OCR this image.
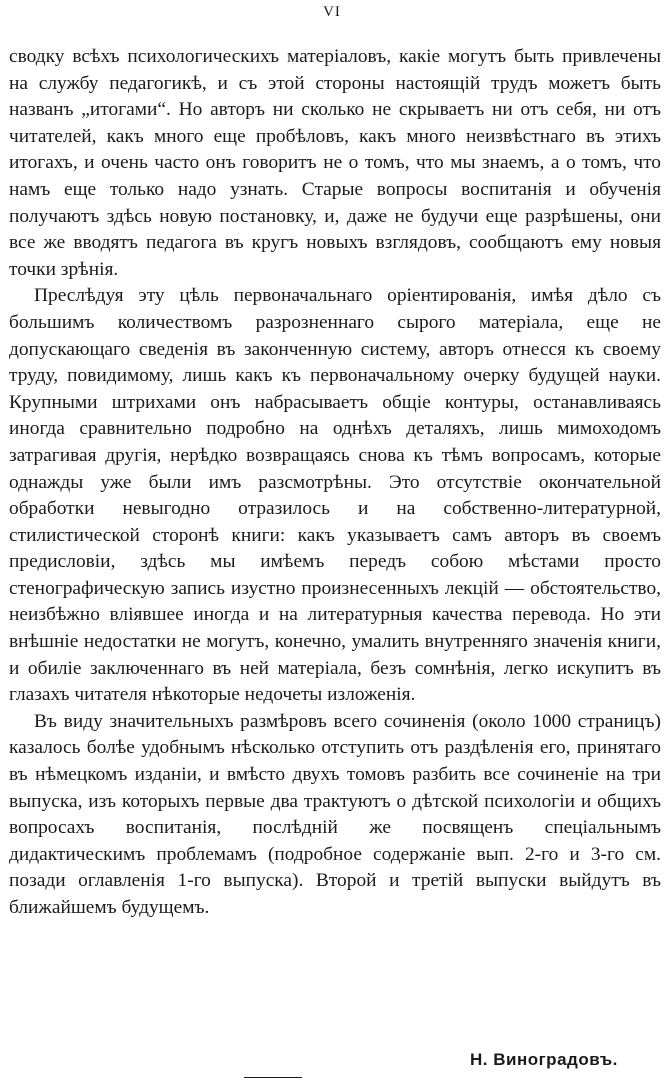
VI

сводку всѣхъ психологическихъ матеріаловъ, какіе могутъ быть привлечены на службу педагогикѣ, и съ этой стороны настоящій трудъ можетъ быть названъ „итогами“. Но авторъ ни сколько не скрываетъ ни отъ себя, ни отъ читателей, какъ много еще пробѣловъ, какъ много неизвѣстнаго въ этихъ итогахъ, и очень часто онъ говоритъ не о томъ, что мы знаемъ, а о томъ, что намъ еще только надо узнать. Старые вопросы воспитанія и обученія получаютъ здѣсь новую постановку, и, даже не будучи еще разрѣшены, они все же вводятъ педагога въ кругъ новыхъ взглядовъ, сообщаютъ ему новыя точки зрѣнія.

Преслѣдуя эту цѣль первоначальнаго оріентированія, имѣя дѣло съ большимъ количествомъ разрозненнаго сырого матеріала, еще не допускающаго сведенія въ законченную систему, авторъ отнесся къ своему труду, повидимому, лишь какъ къ первоначальному очерку будущей науки. Крупными штрихами онъ набрасываетъ общіе контуры, останавливаясь иногда сравнительно подробно на однѣхъ деталяхъ, лишь мимоходомъ затрагивая другія, нерѣдко возвращаясь снова къ тѣмъ вопросамъ, которые однажды уже были имъ разсмотрѣны. Это отсутствіе окончательной обработки невыгодно отразилось и на собственно-литературной, стилистической сторонѣ книги: какъ указываетъ самъ авторъ въ своемъ предисловіи, здѣсь мы имѣемъ передъ собою мѣстами просто стенографическую запись изустно произнесенныхъ лекцій — обстоятельство, неизбѣжно вліявшее иногда и на литературныя качества перевода. Но эти внѣшніе недостатки не могутъ, конечно, умалить внутренняго значенія книги, и обиліе заключеннаго въ ней матеріала, безъ сомнѣнія, легко искупитъ въ глазахъ читателя нѣкоторые недочеты изложенія.

Въ виду значительныхъ размѣровъ всего сочиненія (около 1000 страницъ) казалось болѣе удобнымъ нѣсколько отступить отъ раздѣленія его, принятаго въ нѣмецкомъ изданіи, и вмѣсто двухъ томовъ разбить все сочиненіе на три выпуска, изъ которыхъ первые два трактуютъ о дѣтской психологіи и общихъ вопросахъ воспитанія, послѣдній же посвященъ спеціальнымъ дидактическимъ проблемамъ (подробное содержаніе вып. 2-го и 3-го см. позади оглавленія 1-го выпуска). Второй и третій выпуски выйдутъ въ ближайшемъ будущемъ.

Н. Виноградовъ.
